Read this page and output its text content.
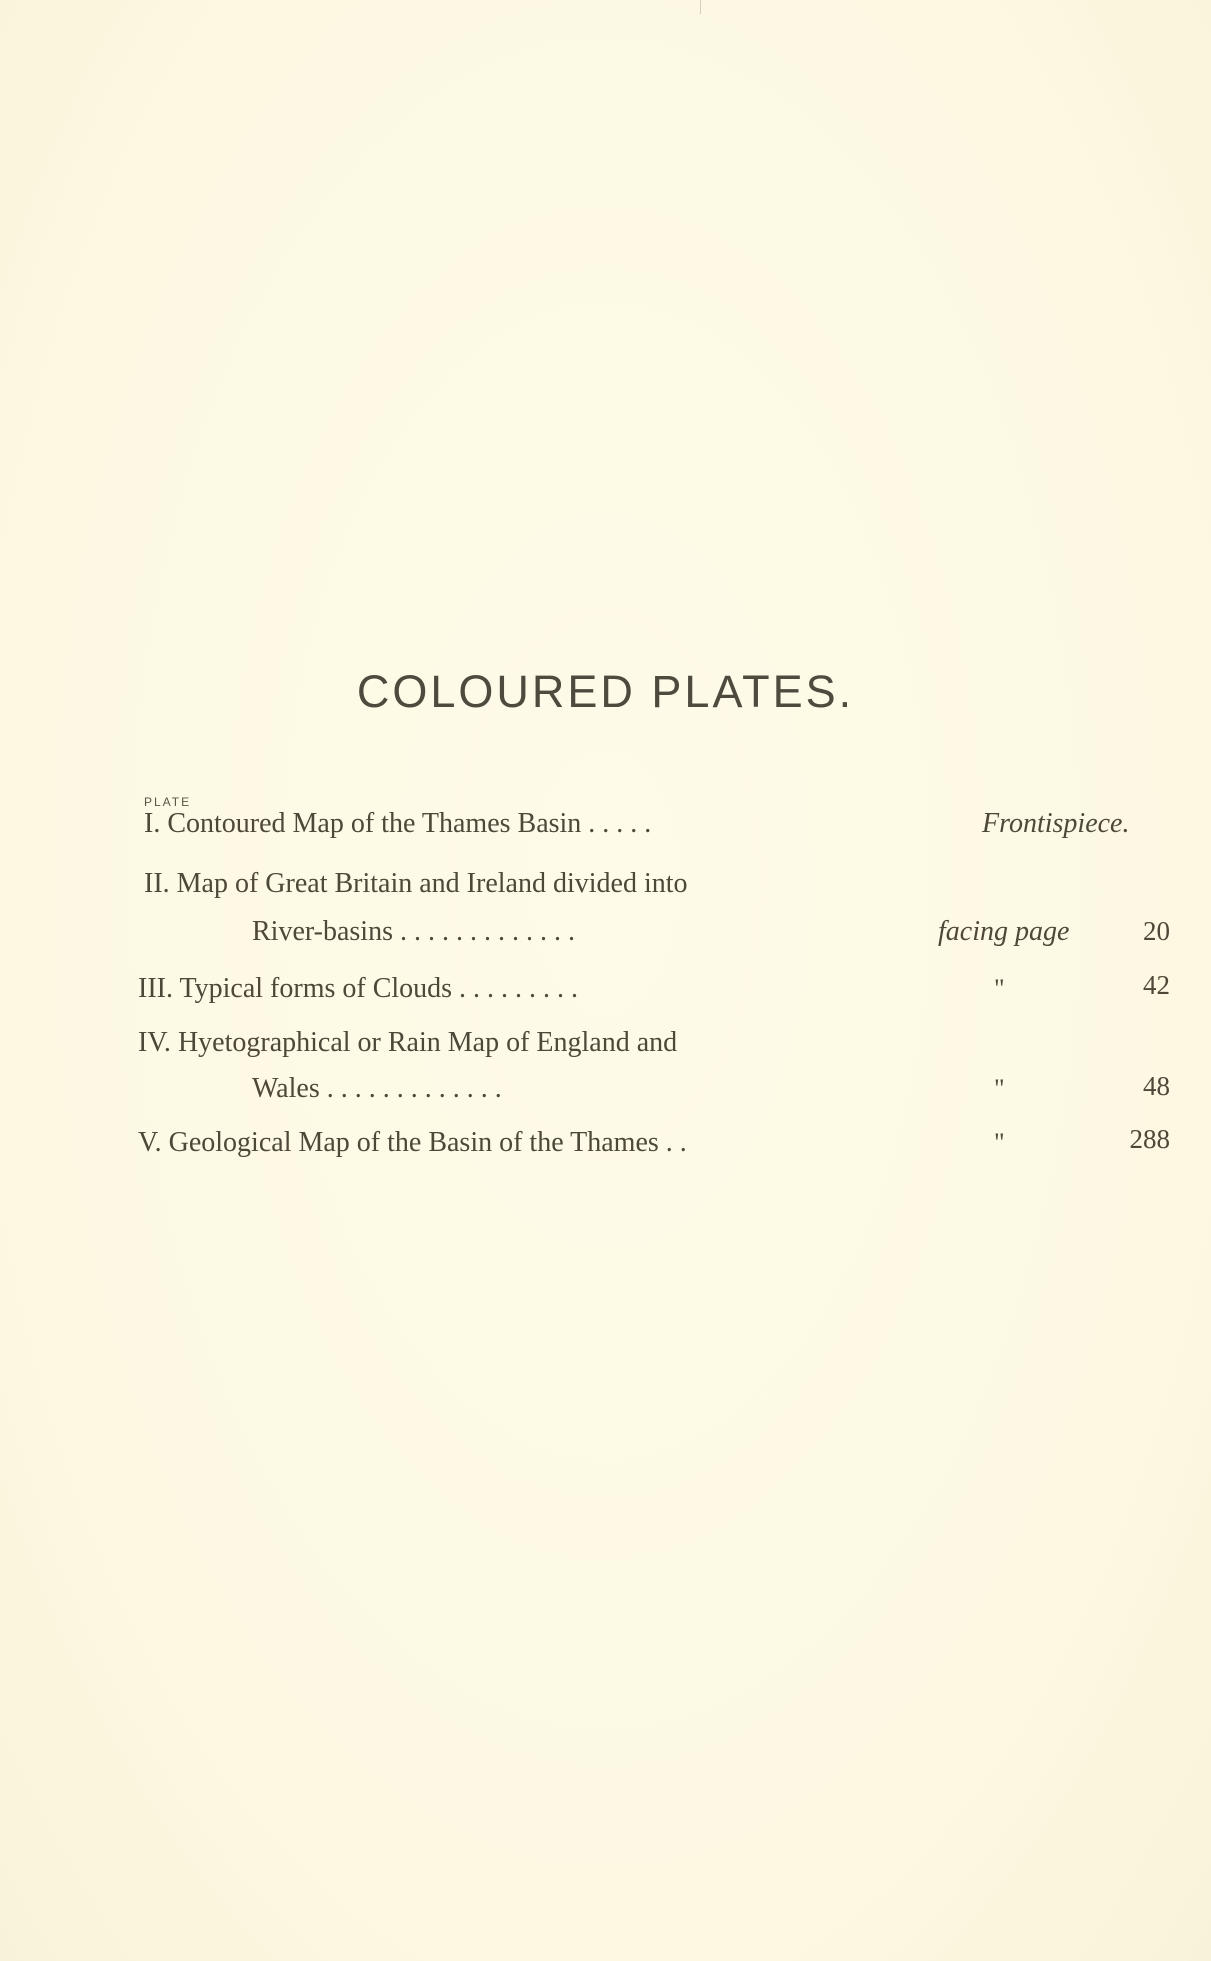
COLOURED PLATES.
PLATE
I. Contoured Map of the Thames Basin . . . . .	Frontispiece.
II. Map of Great Britain and Ireland divided into
River-basins . . . . . . . . . . . . .	facing page	20
III. Typical forms of Clouds . . . . . . . . .	"	42
IV. Hyetographical or Rain Map of England and
Wales . . . . . . . . . . . . .	"	48
V. Geological Map of the Basin of the Thames . .	"	288
